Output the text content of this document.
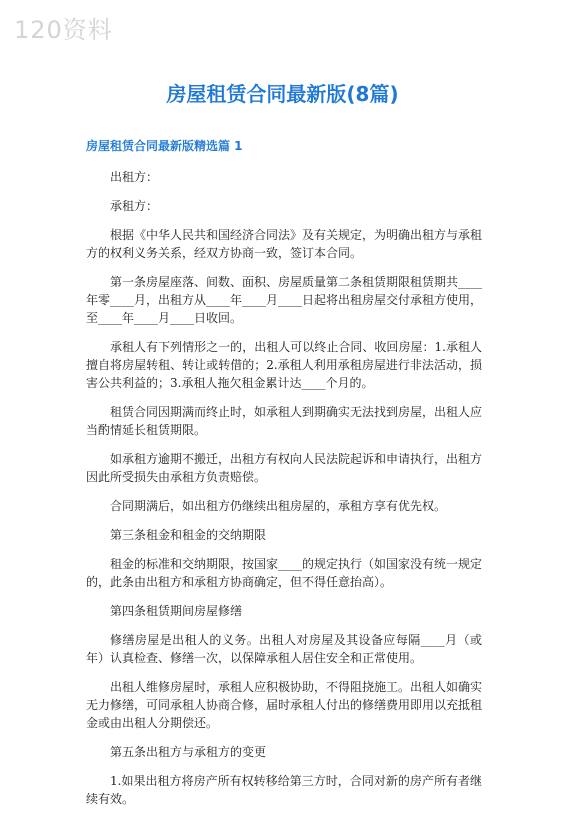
120资料
房屋租赁合同最新版(8篇)
房屋租赁合同最新版精选篇 1

出租方：

承租方：

根据《中华人民共和国经济合同法》及有关规定，为明确出租方与承租方的权利义务关系，经双方协商一致，签订本合同。

第一条房屋座落、间数、面积、房屋质量第二条租赁期限租赁期共____年零____月，出租方从____年____月____日起将出租房屋交付承租方使用，至____年____月____日收回。

承租人有下列情形之一的，出租人可以终止合同、收回房屋：1.承租人擅自将房屋转租、转让或转借的；2.承租人利用承租房屋进行非法活动，损害公共利益的；3.承租人拖欠租金累计达____个月的。

租赁合同因期满而终止时，如承租人到期确实无法找到房屋，出租人应当酌情延长租赁期限。

如承租方逾期不搬迁，出租方有权向人民法院起诉和申请执行，出租方因此所受损失由承租方负责赔偿。

合同期满后，如出租方仍继续出租房屋的，承租方享有优先权。

第三条租金和租金的交纳期限

租金的标准和交纳期限，按国家____的规定执行（如国家没有统一规定的，此条由出租方和承租方协商确定，但不得任意抬高）。

第四条租赁期间房屋修缮

修缮房屋是出租人的义务。出租人对房屋及其设备应每隔____月（或年）认真检查、修缮一次，以保障承租人居住安全和正常使用。

出租人维修房屋时，承租人应积极协助，不得阻挠施工。出租人如确实无力修缮，可同承租人协商合修，届时承租人付出的修缮费用即用以充抵租金或由出租人分期偿还。

第五条出租方与承租方的变更

1.如果出租方将房产所有权转移给第三方时，合同对新的房产所有者继续有效。
